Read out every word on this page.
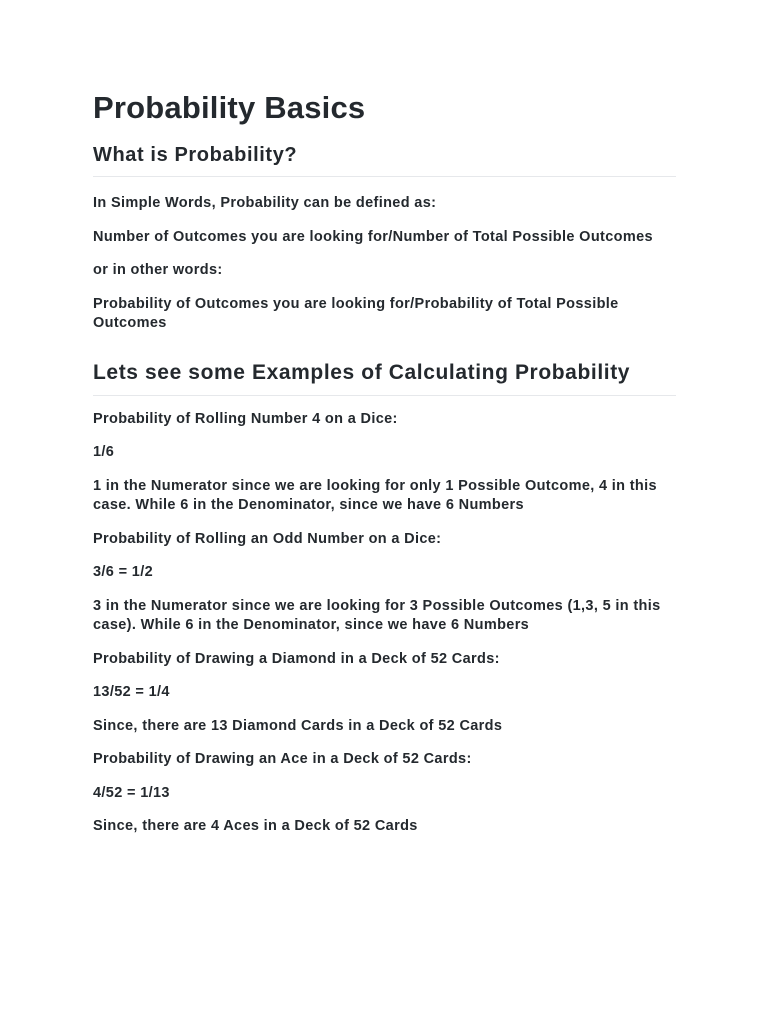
Probability Basics
What is Probability?

In Simple Words, Probability can be defined as:

Number of Outcomes you are looking for/Number of Total Possible Outcomes

or in other words:

Probability of Outcomes you are looking for/Probability of Total Possible Outcomes

Lets see some Examples of Calculating Probability

Probability of Rolling Number 4 on a Dice:

1/6

1 in the Numerator since we are looking for only 1 Possible Outcome, 4 in this case. While 6 in the Denominator, since we have 6 Numbers

Probability of Rolling an Odd Number on a Dice:

3/6 = 1/2

3 in the Numerator since we are looking for 3 Possible Outcomes (1,3, 5 in this case). While 6 in the Denominator, since we have 6 Numbers

Probability of Drawing a Diamond in a Deck of 52 Cards:

13/52 = 1/4

Since, there are 13 Diamond Cards in a Deck of 52 Cards

Probability of Drawing an Ace in a Deck of 52 Cards:

4/52 = 1/13

Since, there are 4 Aces in a Deck of 52 Cards
